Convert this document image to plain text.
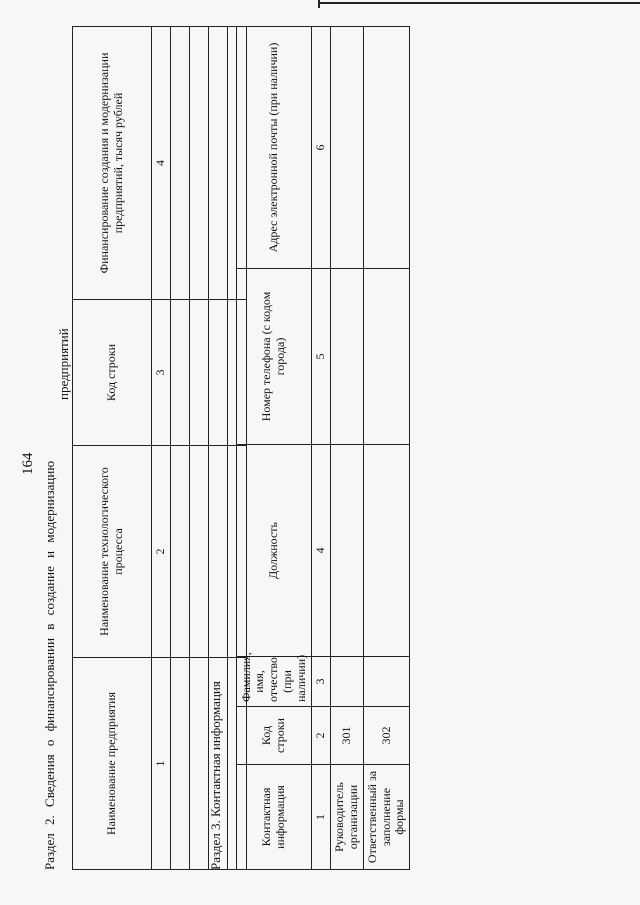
164 Раздел 2. Сведения о финансировании в создание и модернизацию
предприятий
Наименование предприятия	Наименование технологического процесса	Код строки	Финансирование создания и модернизации предприятий, тысяч рублей
1	2	3	4

Раздел 3. Контактная информация	Контактная информация	Код строки	Фамилия, имя, отчество (при наличии)	Должность	Номер телефона (с кодом города)	Адрес электронной почты (при наличии)
1	2	3	4	5	6
Руководитель организации	301				
Ответственный за заполнение формы	302				
